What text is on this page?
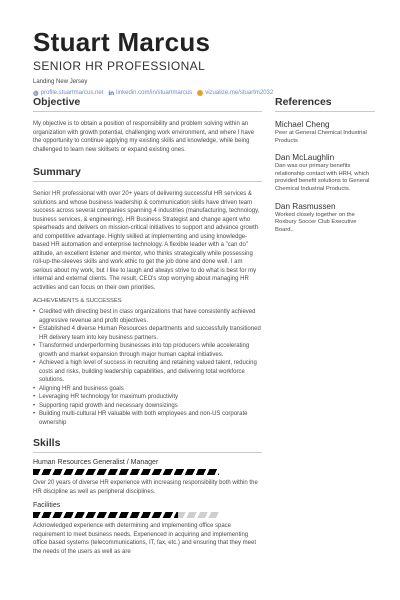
Stuart Marcus
SENIOR HR PROFESSIONAL
Landing New Jersey
◍ profile.stuartmarcus.net in linkedin.com/in/stuartmarcus vizualize.me/stuartm2032
Objective
My objective is to obtain a position of responsibility and problem solving within an organization with growth potential, challenging work environment, and where I have the opportunity to continue applying my existing skills and knowledge, while being challenged to learn new skillsets or expand existing ones.
Summary
Senior HR professional with over 20+ years of delivering successful HR services & solutions and whose business leadership & communication skills have driven team success across several companies spanning 4 industries (manufacturing, technology, business services, & engineering). HR Business Strategist and change agent who spearheads and delivers on mission-critical initiatives to support and advance growth and competitive advantage. Highly skilled at implementing and using knowledge-based HR automation and enterprise technology. A flexible leader with a "can do" attitude, an excellent listener and mentor, who thinks strategically while possessing roll-up-the-sleeves skills and work ethic to get the job done and done well. I am serious about my work, but I like to laugh and always strive to do what is best for my internal and external clients. The result, CEO's stop worrying about managing HR activities and can focus on their own priorities.
ACHIEVEMENTS & SUCCESSES
• Credited with directing best in class organizations that have consistently achieved aggressive revenue and profit objectives.
• Established 4 diverse Human Resources departments and successfully transitioned HR delivery team into key business partners.
• Transformed underperforming businesses into top producers while accelerating growth and market expansion through major human capital initiatives.
• Achieved a high level of success in recruiting and retaining valued talent, reducing costs and risks, building leadership capabilities, and delivering total workforce solutions.
• Aligning HR and business goals
• Leveraging HR technology for maximum productivity
• Supporting rapid growth and necessary downsizings
• Building multi-cultural HR valuable with both employees and non-US corporate ownership
Skills
Human Resources Generalist / Manager
Over 20 years of diverse HR experience with increasing responsibility both within the HR discipline as well as peripheral disciplines.
Facilities
Acknowledged experience with determining and implementing office space requirement to meet business needs. Experienced in acquiring and implementing office based systems (telecommunications, IT, fax, etc.) and ensuring that they meet the needs of the users as well as are
References
Michael Cheng
Peer at General Chemical Industrial Products
Dan McLaughlin
Dan was our primary benefits relationship contact with HRH, which provided benefit solutions to General Chemical Industrial Products.
Dan Rasmussen
Worked closely together on the Roxbury Soccer Club Executive Board..
